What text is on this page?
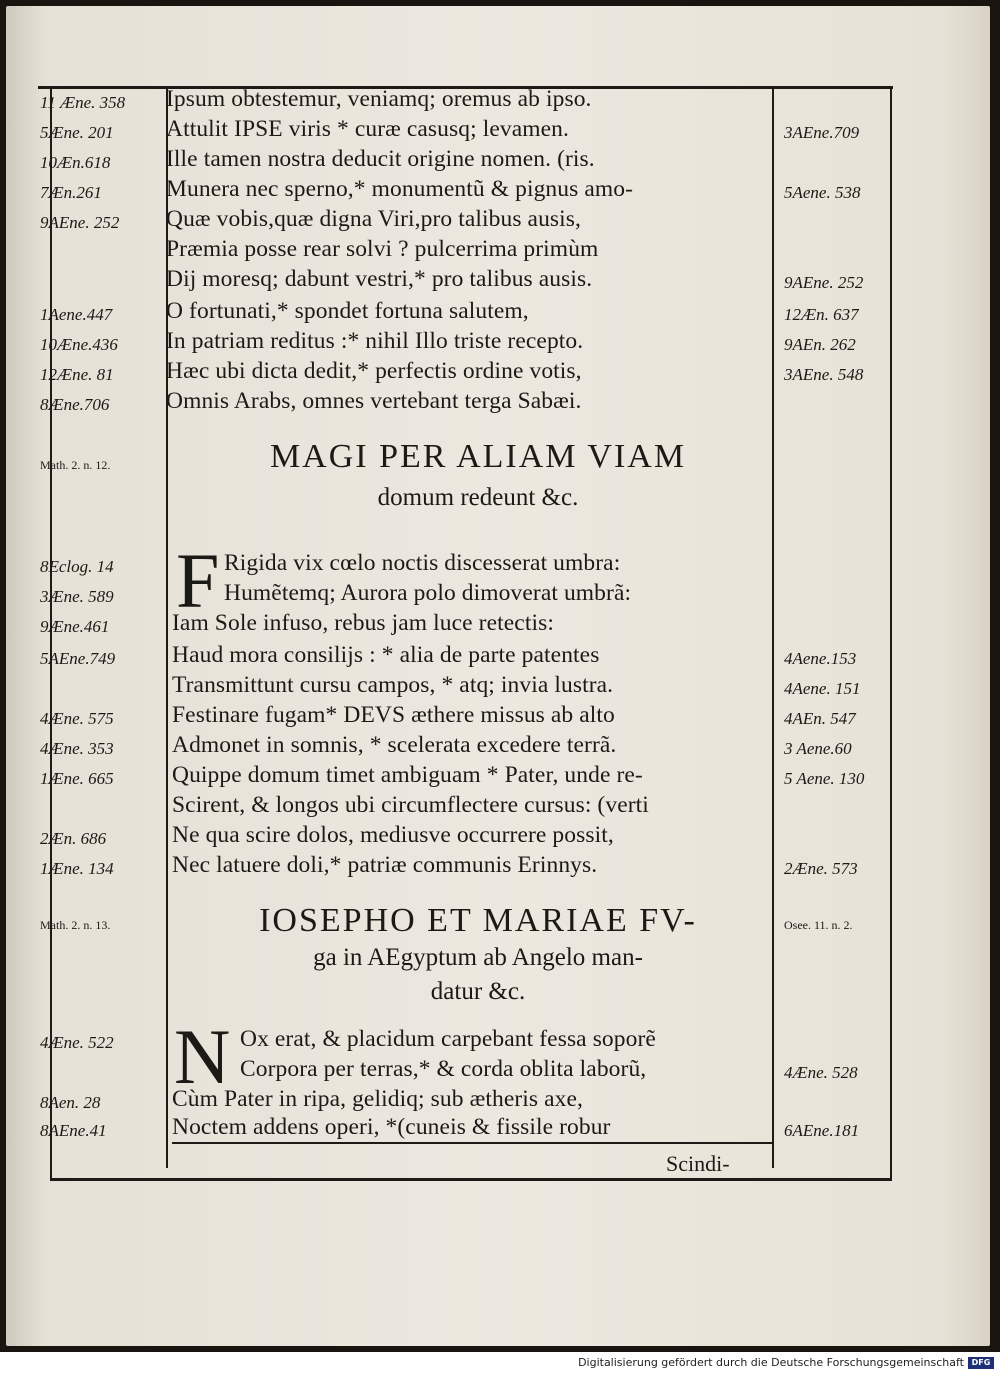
Ipsum obtestemur, veniamq; oremus ab ipso.
Attulit IPSE viris * curæ casusq; levamen.
Ille tamen nostra deducit origine nomen. (ris.
Munera nec sperno,* monumentũ & pignus amo-
Quæ vobis,quæ digna Viri,pro talibus ausis,
Præmia posse rear solvi ? pulcerrima primùm
Dij moresq; dabunt vestri,* pro talibus ausis.
O fortunati,* spondet fortuna salutem,
In patriam reditus :* nihil Illo triste recepto.
Hæc ubi dicta dedit,* perfectis ordine votis,
Omnis Arabs, omnes vertebant terga Sabæi.
MAGI PER ALIAM VIAM
domum redeunt &c.
F Rigida vix cœlo noctis discesserat umbra:
Humẽtemq; Aurora polo dimoverat umbrã:
Iam Sole infuso, rebus jam luce retectis:
Haud mora consilijs : * alia de parte patentes
Transmittunt cursu campos, * atq; invia lustra.
Festinare fugam* DEVS æthere missus ab alto
Admonet in somnis, * scelerata excedere terrã.
Quippe domum timet ambiguam * Pater, unde re-
Scirent, & longos ubi circumflectere cursus: (verti
Ne qua scire dolos, mediusve occurrere possit,
Nec latuere doli,* patriæ communis Erinnys.
IOSEPHO ET MARIAE FV-
ga in AEgyptum ab Angelo man-
datur &c.
N Ox erat, & placidum carpebant fessa soporẽ
Corpora per terras,* & corda oblita laborũ,
Cùm Pater in ripa, gelidiq; sub ætheris axe,
Noctem addens operi, *(cuneis & fissile robur
Scindi-
11 Æne. 358
5Æne. 201
10Æn.618
7Æn.261
9AEne. 252
1Aene.447
10Æne.436
12Æne. 81
8Æne.706
Math. 2. n. 12.
8Eclog. 14
3Æne. 589
9Æne.461
5AEne.749
4Æne. 575
4Æne. 353
1Æne. 665
2Æn. 686
1Æne. 134
Math. 2. n. 13.
4Æne. 522
8Aen. 28
8AEne.41
3AEne.709
5Aene. 538
9AEne. 252
12Æn. 637
9AEn. 262
3AEne. 548
4Aene.153
4Aene. 151
4AEn. 547
3 Aene.60
5 Aene. 130
2Æne. 573
Osee. 11. n. 2.
4Æne. 528
6AEne.181
Digitalisierung gefördert durch die Deutsche Forschungsgemeinschaft DFG
